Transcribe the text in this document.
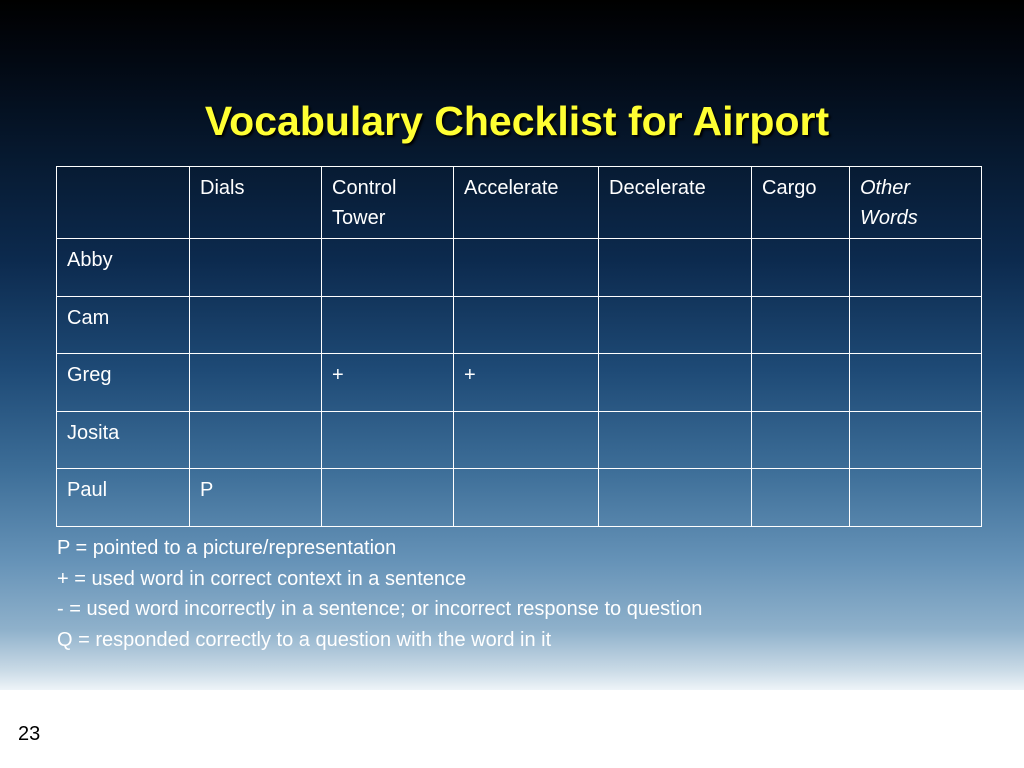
Vocabulary Checklist for Airport
	Dials	Control Tower	Accelerate	Decelerate	Cargo	Other Words
Abby						
Cam						
Greg		+	+			
Josita						
Paul	P					
P = pointed to a picture/representation
+ = used word in correct context in a sentence
- = used word incorrectly in a sentence; or incorrect response to question
Q = responded correctly to a question with the word in it
23
